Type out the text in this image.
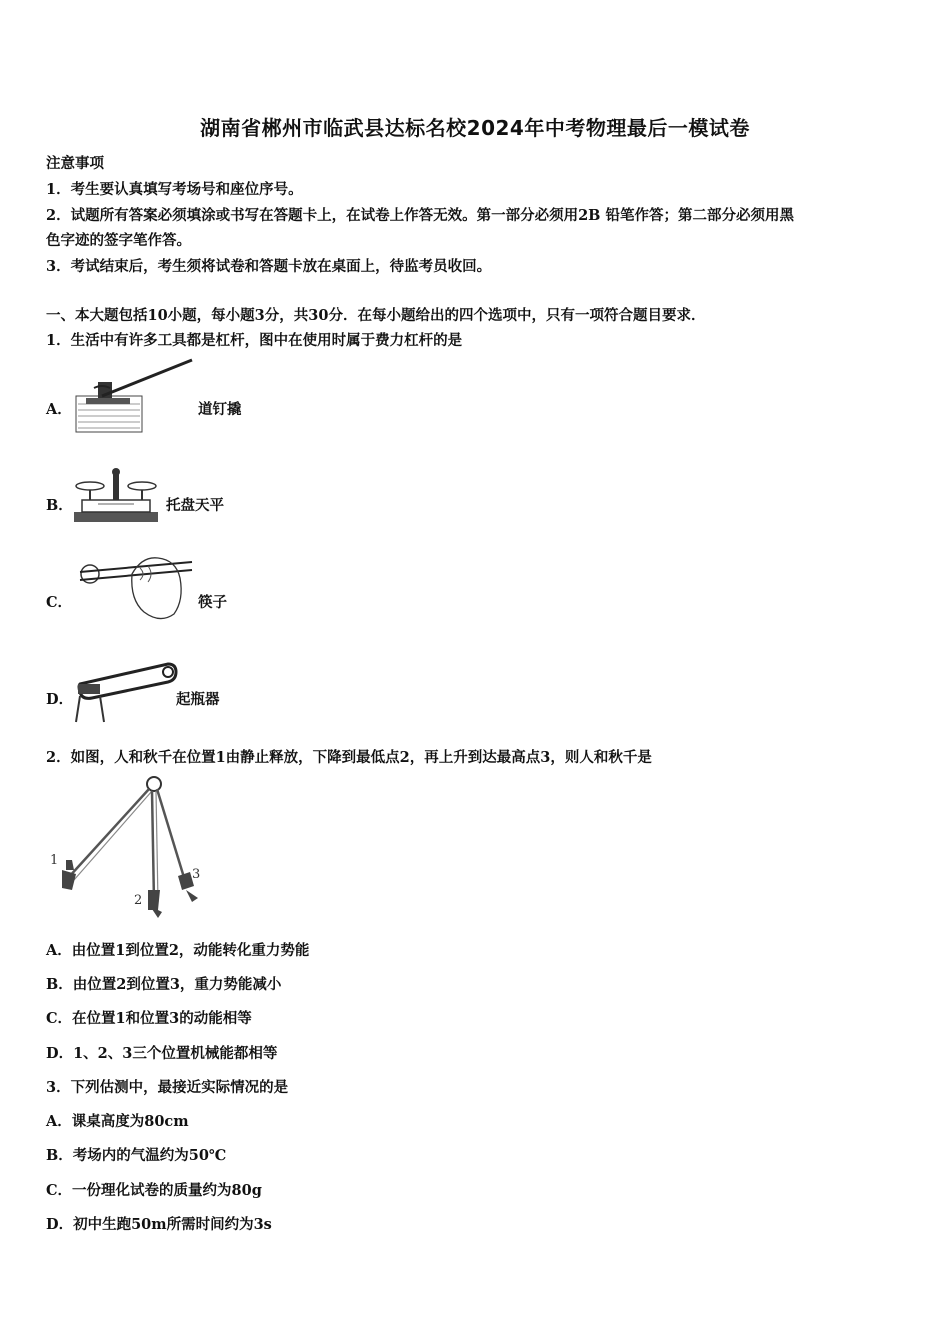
湖南省郴州市临武县达标名校2024年中考物理最后一模试卷
注意事项
1．考生要认真填写考场号和座位序号。
2．试题所有答案必须填涂或书写在答题卡上，在试卷上作答无效。第一部分必须用2B 铅笔作答；第二部分必须用黑
色字迹的签字笔作答。
3．考试结束后，考生须将试卷和答题卡放在桌面上，待监考员收回。
一、本大题包括10小题，每小题3分，共30分．在每小题给出的四个选项中，只有一项符合题目要求．
1．生活中有许多工具都是杠杆，图中在使用时属于费力杠杆的是
A．	道钉撬
B．	托盘天平
C．	筷子
D．	起瓶器
2．如图，人和秋千在位置1由静止释放，下降到最低点2，再上升到达最高点3，则人和秋千是
1
2
3
A．由位置1到位置2，动能转化重力势能
B．由位置2到位置3，重力势能减小
C．在位置1和位置3的动能相等
D．1、2、3三个位置机械能都相等
3．下列估测中，最接近实际情况的是
A．课桌高度为80cm
B．考场内的气温约为50℃
C．一份理化试卷的质量约为80g
D．初中生跑50m所需时间约为3s
